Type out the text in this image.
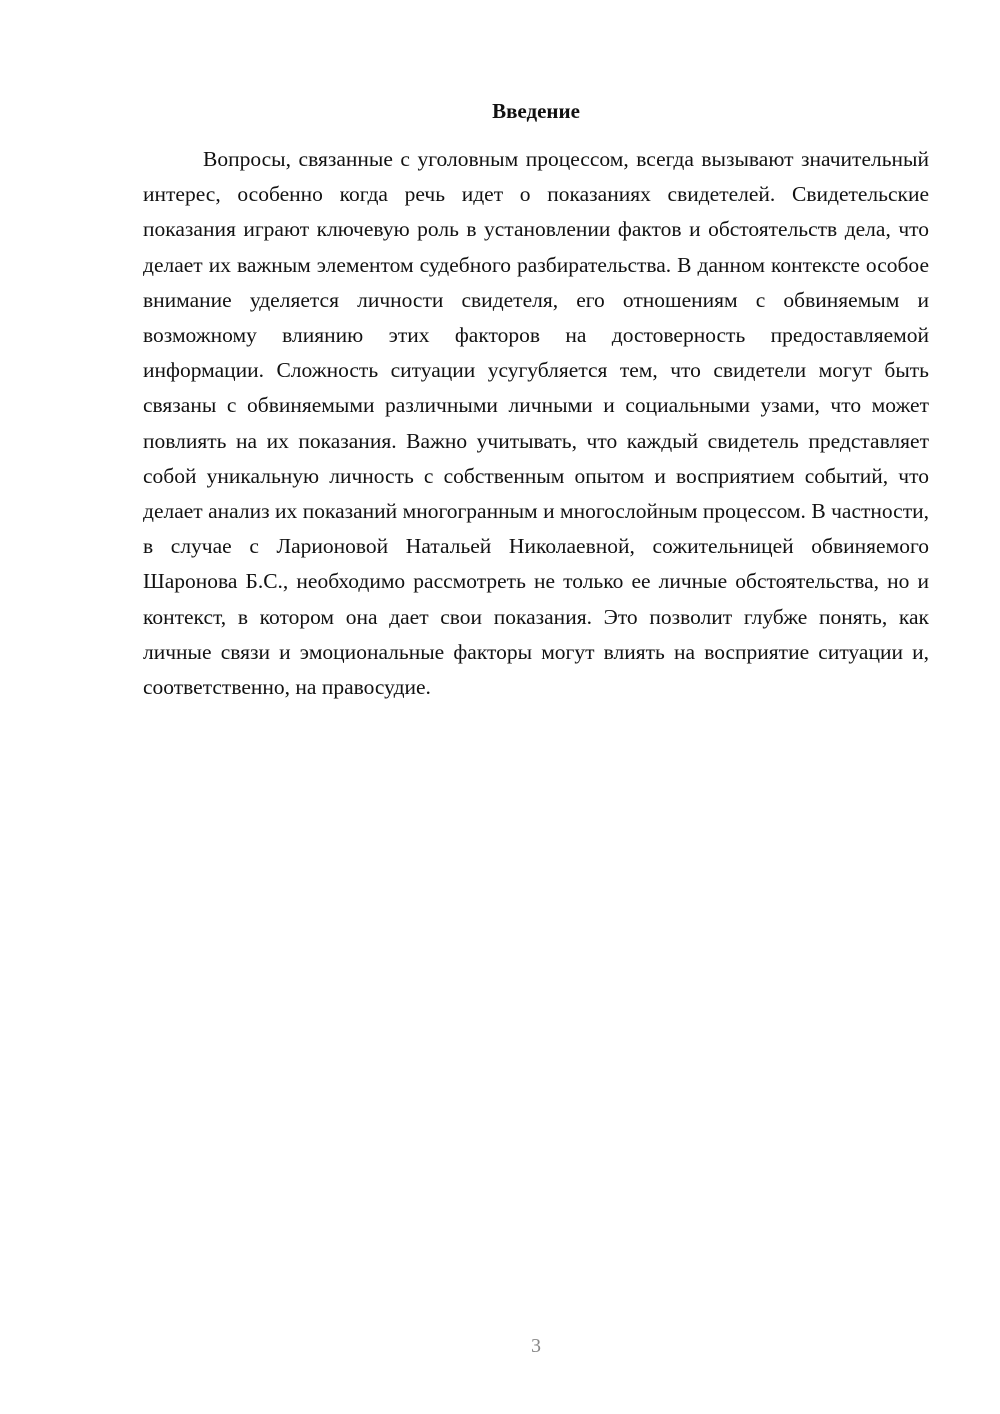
Введение

Вопросы, связанные с уголовным процессом, всегда вызывают значительный интерес, особенно когда речь идет о показаниях свидетелей. Свидетельские показания играют ключевую роль в установлении фактов и обстоятельств дела, что делает их важным элементом судебного разбирательства. В данном контексте особое внимание уделяется личности свидетеля, его отношениям с обвиняемым и возможному влиянию этих факторов на достоверность предоставляемой информации. Сложность ситуации усугубляется тем, что свидетели могут быть связаны с обвиняемыми различными личными и социальными узами, что может повлиять на их показания. Важно учитывать, что каждый свидетель представляет собой уникальную личность с собственным опытом и восприятием событий, что делает анализ их показаний многогранным и многослойным процессом. В частности, в случае с Ларионовой Натальей Николаевной, сожительницей обвиняемого Шаронова Б.С., необходимо рассмотреть не только ее личные обстоятельства, но и контекст, в котором она дает свои показания. Это позволит глубже понять, как личные связи и эмоциональные факторы могут влиять на восприятие ситуации и, соответственно, на правосудие.

3
